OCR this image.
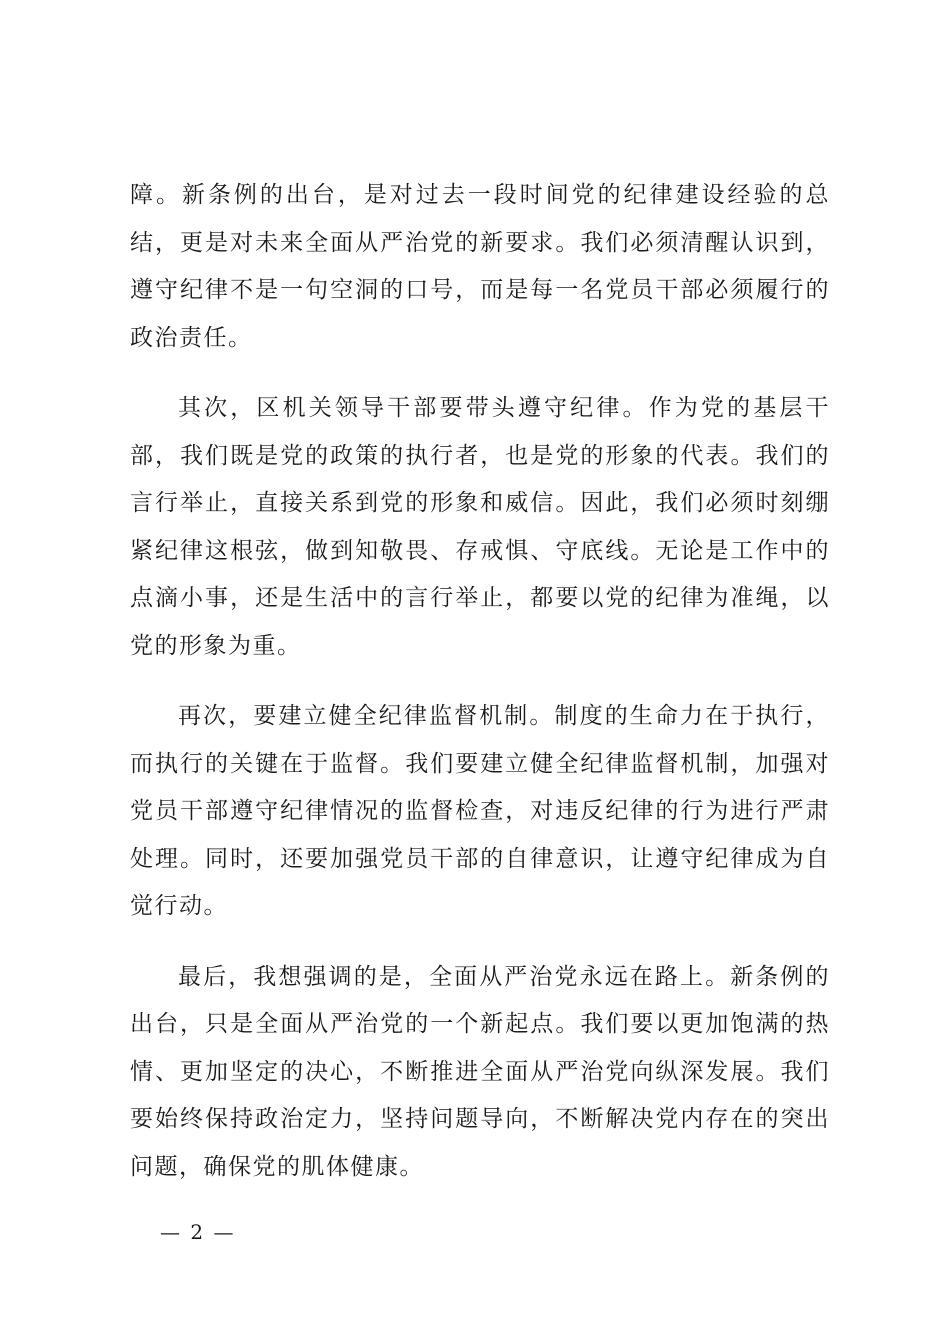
障。新条例的出台，是对过去一段时间党的纪律建设经验的总结，更是对未来全面从严治党的新要求。我们必须清醒认识到，遵守纪律不是一句空洞的口号，而是每一名党员干部必须履行的政治责任。

其次，区机关领导干部要带头遵守纪律。作为党的基层干部，我们既是党的政策的执行者，也是党的形象的代表。我们的言行举止，直接关系到党的形象和威信。因此，我们必须时刻绷紧纪律这根弦，做到知敬畏、存戒惧、守底线。无论是工作中的点滴小事，还是生活中的言行举止，都要以党的纪律为准绳，以党的形象为重。

再次，要建立健全纪律监督机制。制度的生命力在于执行，而执行的关键在于监督。我们要建立健全纪律监督机制，加强对党员干部遵守纪律情况的监督检查，对违反纪律的行为进行严肃处理。同时，还要加强党员干部的自律意识，让遵守纪律成为自觉行动。

最后，我想强调的是，全面从严治党永远在路上。新条例的出台，只是全面从严治党的一个新起点。我们要以更加饱满的热情、更加坚定的决心，不断推进全面从严治党向纵深发展。我们要始终保持政治定力，坚持问题导向，不断解决党内存在的突出问题，确保党的肌体健康。

— 2 —
